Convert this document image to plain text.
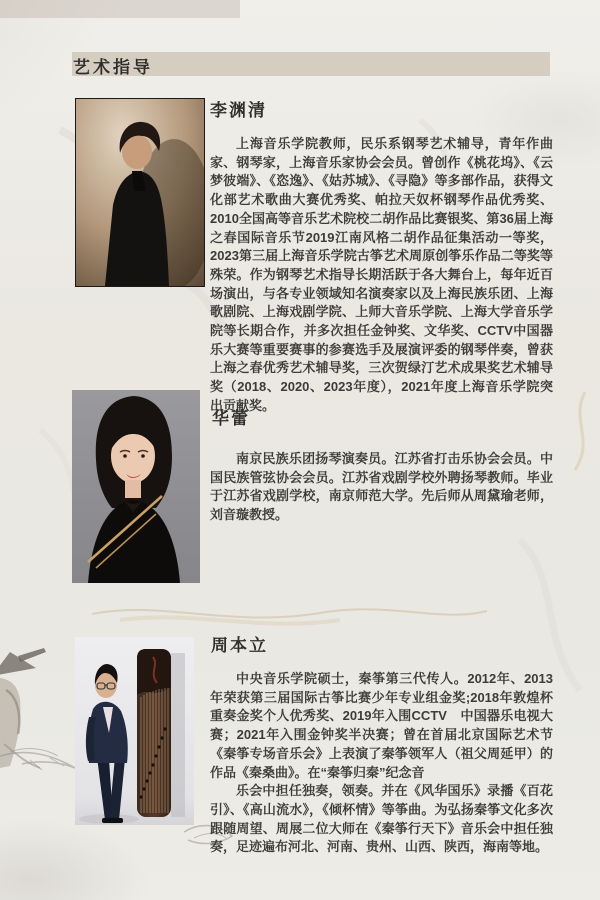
艺术指导
李渊清

上海音乐学院教师，民乐系钢琴艺术辅导，青年作曲家、钢琴家，上海音乐家协会会员。曾创作《桃花坞》、《云梦彼端》、《恣逸》、《姑苏城》、《寻隐》等多部作品，获得文化部艺术歌曲大赛优秀奖、帕拉天奴杯钢琴作品优秀奖、2010全国高等音乐艺术院校二胡作品比赛银奖、第36届上海之春国际音乐节2019江南风格二胡作品征集活动一等奖，2023第三届上海音乐学院古筝艺术周原创筝乐作品二等奖等殊荣。作为钢琴艺术指导长期活跃于各大舞台上，每年近百场演出，与各专业领域知名演奏家以及上海民族乐团、上海歌剧院、上海戏剧学院、上师大音乐学院、上海大学音乐学院等长期合作，并多次担任金钟奖、文华奖、CCTV中国器乐大赛等重要赛事的参赛选手及展演评委的钢琴伴奏，曾获上海之春优秀艺术辅导奖，三次贺绿汀艺术成果奖艺术辅导奖（2018、2020、2023年度），2021年度上海音乐学院突出贡献奖。

华蕾

南京民族乐团扬琴演奏员。江苏省打击乐协会会员。中国民族管弦协会会员。江苏省戏剧学校外聘扬琴教师。毕业于江苏省戏剧学校，南京师范大学。先后师从周黛瑜老师，刘音璇教授。

周本立

中央音乐学院硕士，秦筝第三代传人。2012年、2013年荣获第三届国际古筝比赛少年专业组金奖;2018年敦煌杯重奏金奖个人优秀奖、2019年入围CCTV　中国器乐电视大赛；2021年入围金钟奖半决赛；曾在首届北京国际艺术节《秦筝专场音乐会》上表演了秦筝领军人（祖父周延甲）的作品《秦桑曲》。在“秦筝归秦”纪念音

乐会中担任独奏，领奏。并在《风华国乐》录播《百花引》、《高山流水》，《倾杯情》等筝曲。为弘扬秦筝文化多次跟随周望、周展二位大师在《秦筝行天下》音乐会中担任独奏，足迹遍布河北、河南、贵州、山西、陕西，海南等地。
